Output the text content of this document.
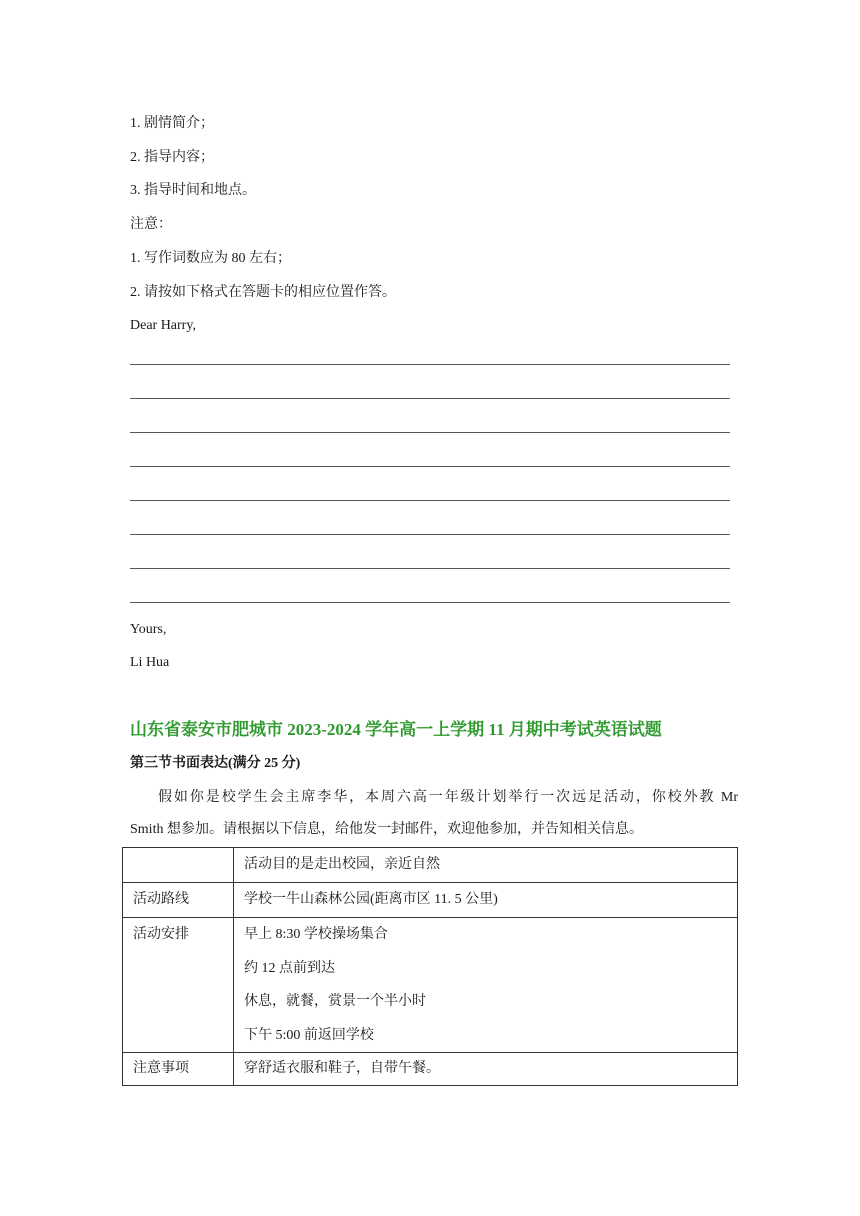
1. 剧情简介；
2. 指导内容；
3. 指导时间和地点。
注意：
1. 写作词数应为 80 左右；
2. 请按如下格式在答题卡的相应位置作答。
Dear Harry,
Yours,
Li Hua
山东省泰安市肥城市 2023-2024 学年高一上学期 11 月期中考试英语试题
第三节书面表达(满分 25 分)
假如你是校学生会主席李华，本周六高一年级计划举行一次远足活动，你校外教 Mr
Smith 想参加。请根据以下信息，给他发一封邮件，欢迎他参加，并告知相关信息。
	活动目的是走出校园，亲近自然
活动路线	学校一牛山森林公园(距离市区 11. 5 公里)
活动安排	早上 8:30 学校操场集合
约 12 点前到达
休息，就餐，赏景一个半小时
下午 5:00 前返回学校

注意事项	穿舒适衣服和鞋子，自带午餐。
